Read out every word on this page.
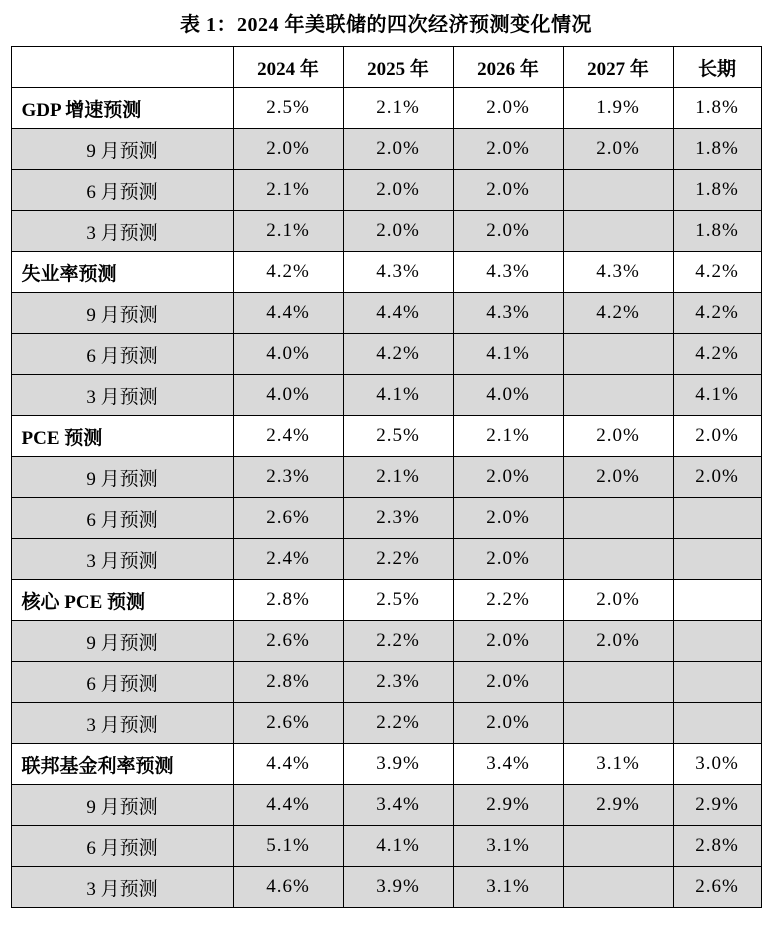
表 1：2024 年美联储的四次经济预测变化情况
	2024 年	2025 年	2026 年	2027 年	长期
GDP 增速预测	2.5%	2.1%	2.0%	1.9%	1.8%
9 月预测	2.0%	2.0%	2.0%	2.0%	1.8%
6 月预测	2.1%	2.0%	2.0%		1.8%
3 月预测	2.1%	2.0%	2.0%		1.8%
失业率预测	4.2%	4.3%	4.3%	4.3%	4.2%
9 月预测	4.4%	4.4%	4.3%	4.2%	4.2%
6 月预测	4.0%	4.2%	4.1%		4.2%
3 月预测	4.0%	4.1%	4.0%		4.1%
PCE 预测	2.4%	2.5%	2.1%	2.0%	2.0%
9 月预测	2.3%	2.1%	2.0%	2.0%	2.0%
6 月预测	2.6%	2.3%	2.0%		
3 月预测	2.4%	2.2%	2.0%		
核心 PCE 预测	2.8%	2.5%	2.2%	2.0%	
9 月预测	2.6%	2.2%	2.0%	2.0%	
6 月预测	2.8%	2.3%	2.0%		
3 月预测	2.6%	2.2%	2.0%		
联邦基金利率预测	4.4%	3.9%	3.4%	3.1%	3.0%
9 月预测	4.4%	3.4%	2.9%	2.9%	2.9%
6 月预测	5.1%	4.1%	3.1%		2.8%
3 月预测	4.6%	3.9%	3.1%		2.6%
